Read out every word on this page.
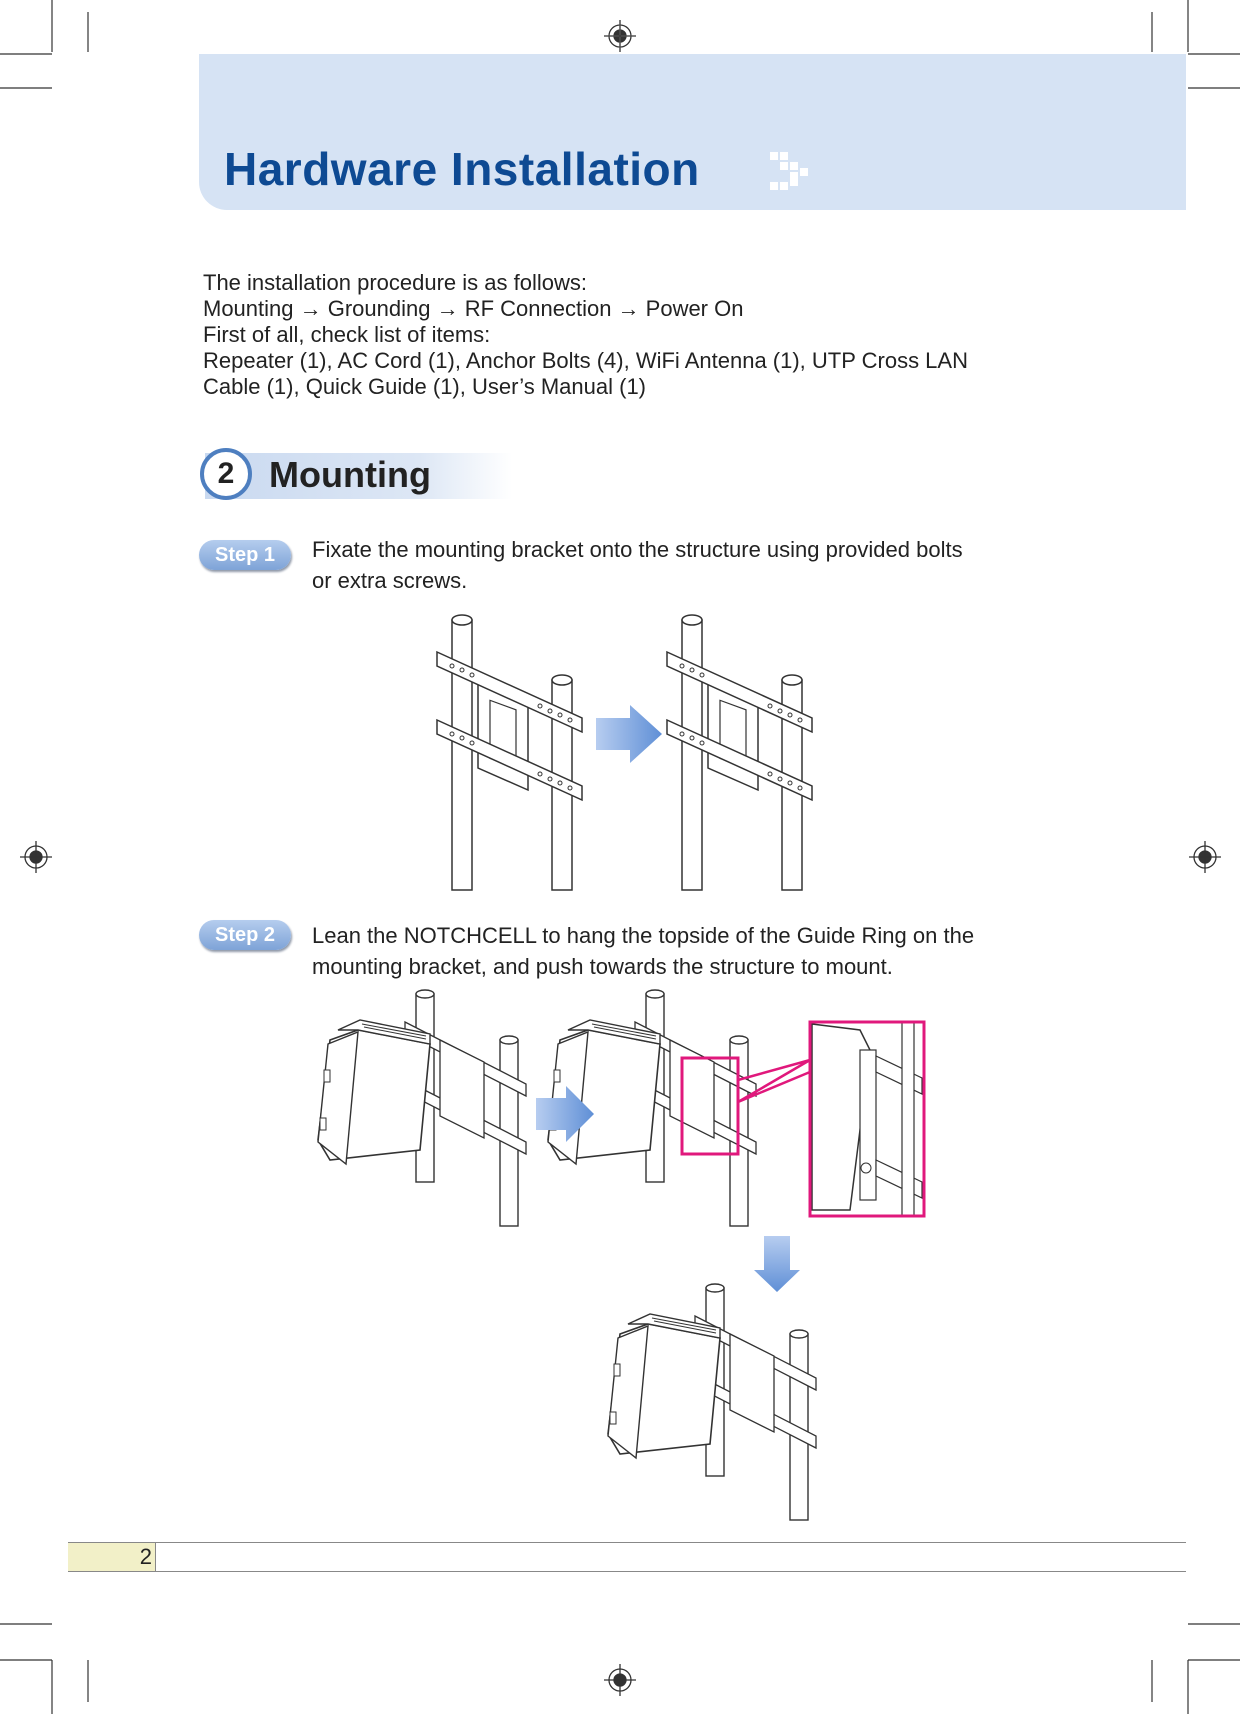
Hardware Installation
The installation procedure is as follows:
Mounting → Grounding → RF Connection → Power On
First of all, check list of items:
Repeater (1), AC Cord (1), Anchor Bolts (4), WiFi Antenna (1), UTP Cross LAN
Cable (1), Quick Guide (1), User’s Manual (1)
2 Mounting
Step 1	Fixate the mounting bracket onto the structure using provided bolts
or extra screws.
Step 2	Lean the NOTCHCELL to hang the topside of the Guide Ring on the
mounting bracket, and push towards the structure to mount.
2
